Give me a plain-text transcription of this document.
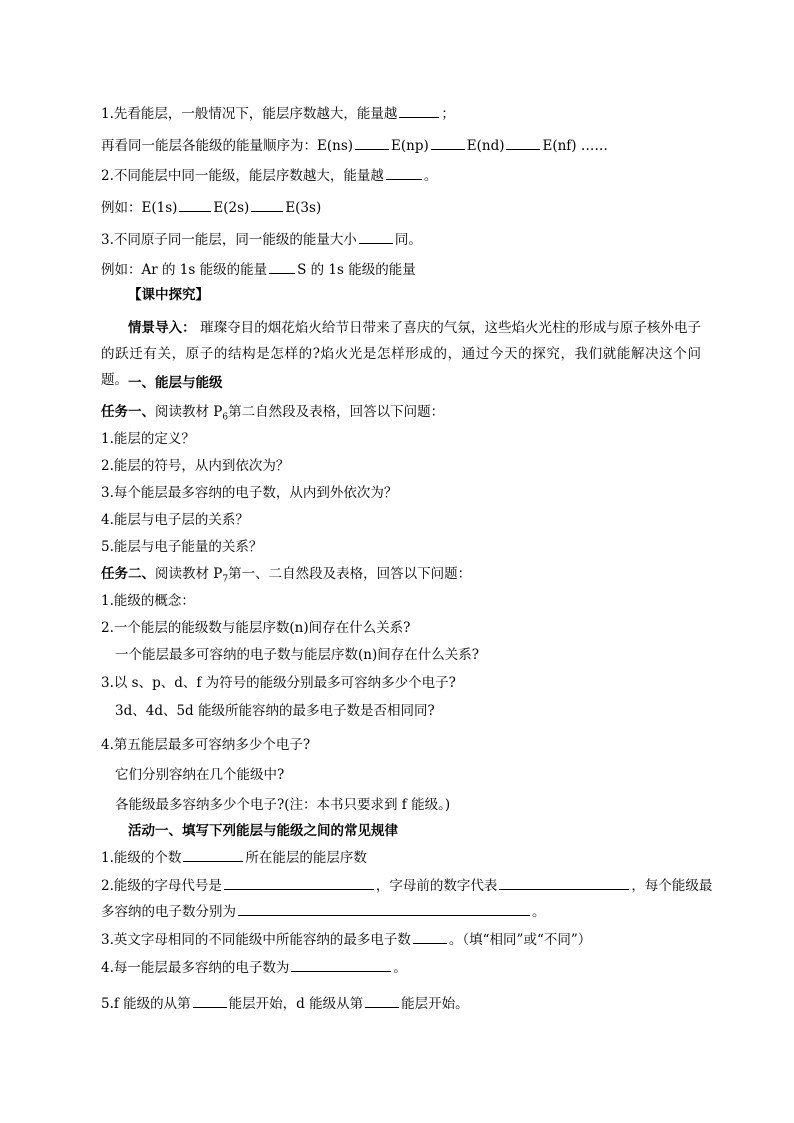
1.先看能层，一般情况下，能层序数越大，能量越	；
再看同一能层各能级的能量顺序为：E(ns)	E(np)	E(nd)	E(nf) ……
2.不同能层中同一能级，能层序数越大，能量越	。
例如：E(1s)	E(2s)	E(3s)
3.不同原子同一能层，同一能级的能量大小	同。
例如：Ar 的 1s 能级的能量 S 的 1s 能级的能量
【课中探究】
情景导入： 璀璨夺目的烟花焰火给节日带来了喜庆的气氛，这些焰火光柱的形成与原子核外电子的跃迁有关，原子的结构是怎样的?焰火光是怎样形成的，通过今天的探究，我们就能解决这个问题。 一、能层与能级
任务一、阅读教材 $P_6$第二自然段及表格，回答以下问题：
1.能层的定义？
2.能层的符号，从内到依次为？
3.每个能层最多容纳的电子数，从内到外依次为？
4.能层与电子层的关系？
5.能层与电子能量的关系？
任务二、阅读教材 $P_7$第一、二自然段及表格，回答以下问题：
1.能级的概念：
2.一个能层的能级数与能层序数(n)间存在什么关系?
一个能层最多可容纳的电子数与能层序数(n)间存在什么关系?
3.以 s、p、d、f 为符号的能级分别最多可容纳多少个电子?
3d、4d、5d 能级所能容纳的最多电子数是否相同同?
4.第五能层最多可容纳多少个电子?
它们分别容纳在几个能级中?
各能级最多容纳多少个电子?(注：本书只要求到 f 能级。)
活动一、填写下列能层与能级之间的常见规律
1.能级的个数	所在能层的能层序数
2.能级的字母代号是	，字母前的数字代表	，每个能级最
多容纳的电子数分别为	。
3.英文字母相同的不同能级中所能容纳的最多电子数	。（填“相同”或“不同”）
4.每一能层最多容纳的电子数为	。
5.f 能级的从第	能层开始，d 能级从第	能层开始。
